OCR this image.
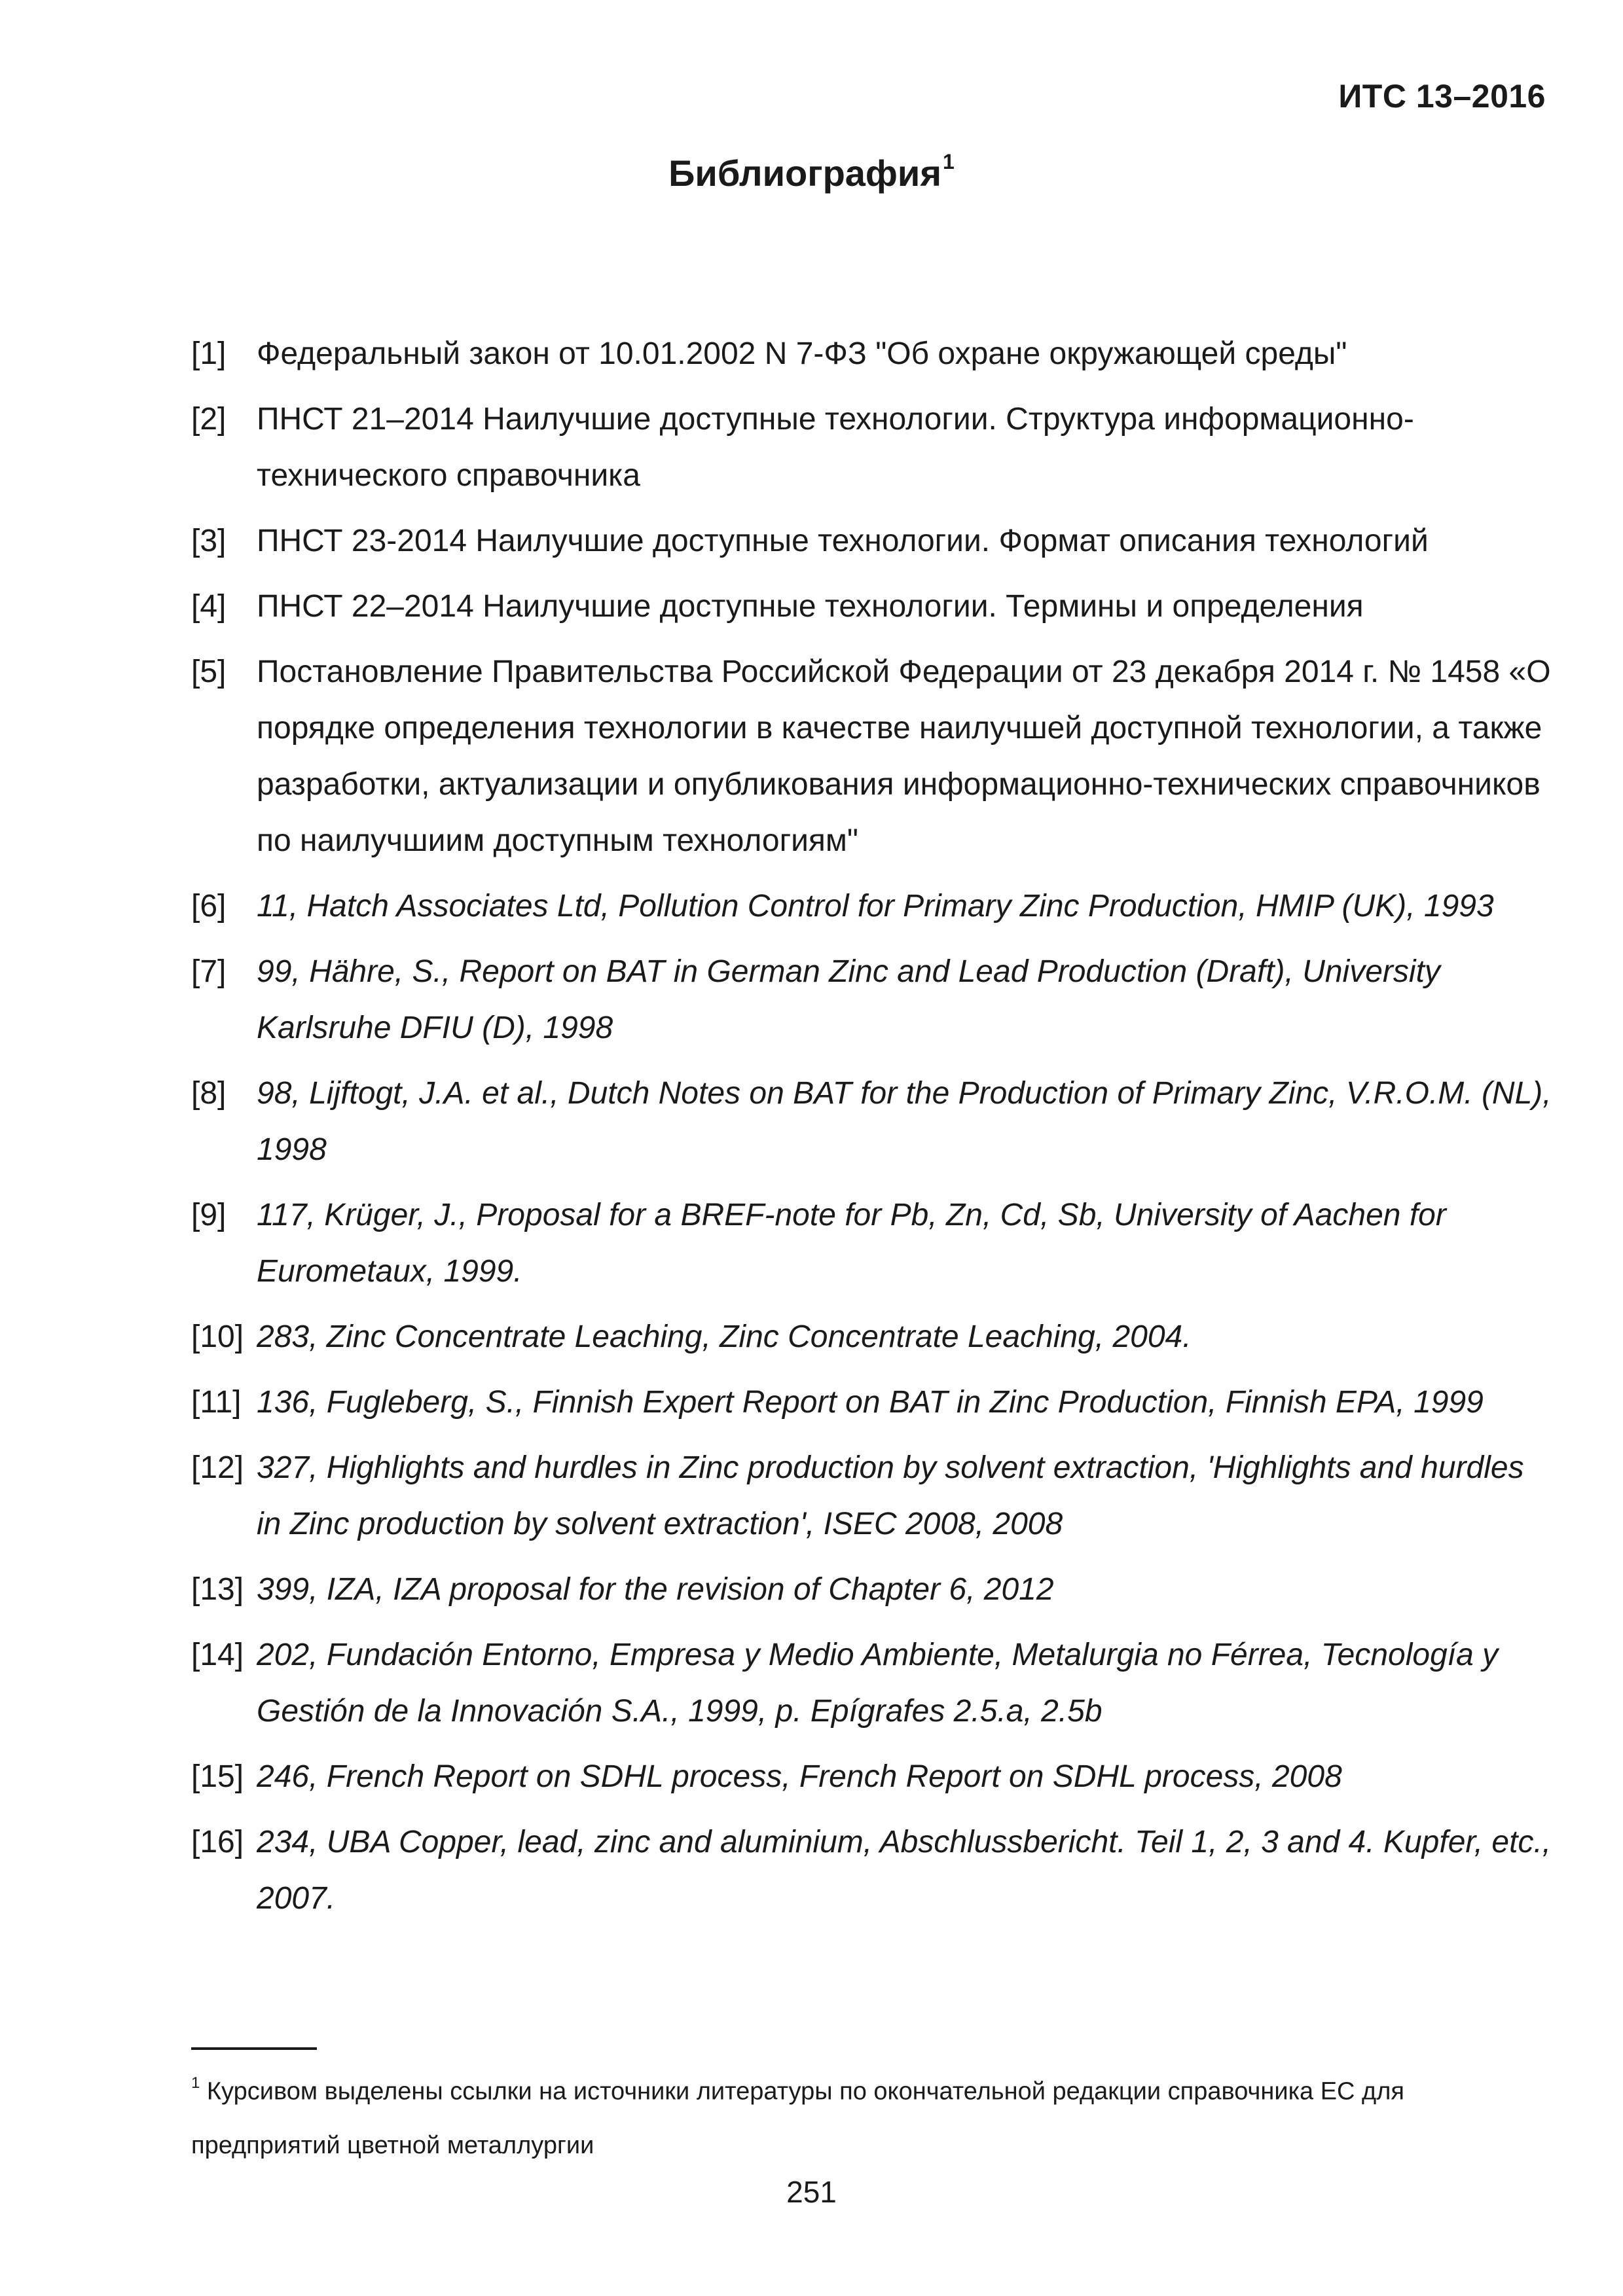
ИТС 13–2016
Библиография$^1$
[1] Федеральный закон от 10.01.2002 N 7-ФЗ "Об охране окружающей среды"
[2] ПНСТ 21–2014 Наилучшие доступные технологии. Структура информационно-технического справочника
[3] ПНСТ 23-2014 Наилучшие доступные технологии. Формат описания технологий
[4] ПНСТ 22–2014 Наилучшие доступные технологии. Термины и определения
[5] Постановление Правительства Российской Федерации от 23 декабря 2014 г. № 1458 «О порядке определения технологии в качестве наилучшей доступной технологии, а также разработки, актуализации и опубликования информационно-технических справочников по наилучшиим доступным технологиям"
[6] 11, Hatch Associates Ltd, Pollution Control for Primary Zinc Production, HMIP (UK), 1993
[7] 99, Hähre, S., Report on BAT in German Zinc and Lead Production (Draft), University Karlsruhe DFIU (D), 1998
[8] 98, Lijftogt, J.A. et al., Dutch Notes on BAT for the Production of Primary Zinc, V.R.O.M. (NL), 1998
[9] 117, Krüger, J., Proposal for a BREF-note for Pb, Zn, Cd, Sb, University of Aachen for Eurometaux, 1999.
[10] 283, Zinc Concentrate Leaching, Zinc Concentrate Leaching, 2004.
[11] 136, Fugleberg, S., Finnish Expert Report on BAT in Zinc Production, Finnish EPA, 1999
[12] 327, Highlights and hurdles in Zinc production by solvent extraction, 'Highlights and hurdles in Zinc production by solvent extraction', ISEC 2008, 2008
[13] 399, IZA, IZA proposal for the revision of Chapter 6, 2012
[14] 202, Fundación Entorno, Empresa y Medio Ambiente, Metalurgia no Férrea, Tecnología y Gestión de la Innovación S.A., 1999, p. Epígrafes 2.5.a, 2.5b
[15] 246, French Report on SDHL process, French Report on SDHL process, 2008
[16] 234, UBA Copper, lead, zinc and aluminium, Abschlussbericht. Teil 1, 2, 3 and 4. Kupfer, etc., 2007.
$^1$ Курсивом выделены ссылки на источники литературы по окончательной редакции справочника ЕС для предприятий цветной металлургии
251
